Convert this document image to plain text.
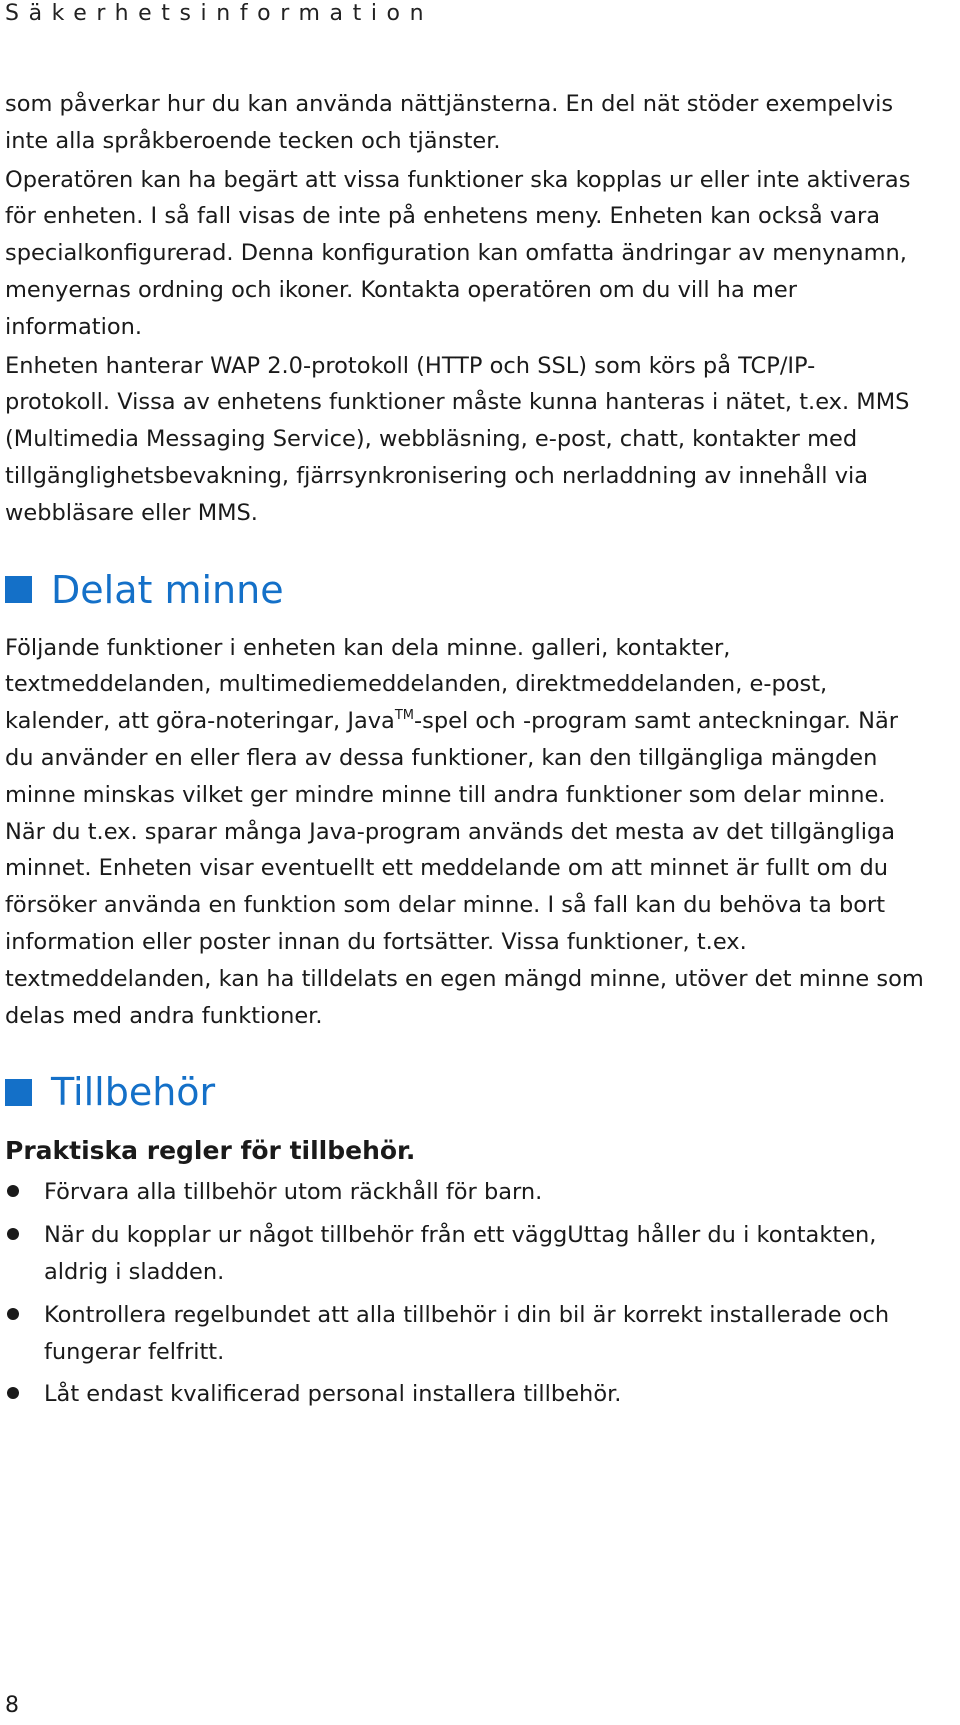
Säkerhetsinformation
som påverkar hur du kan använda nättjänsterna. En del nät stöder exempelvis
inte alla språkberoende tecken och tjänster.
Operatören kan ha begärt att vissa funktioner ska kopplas ur eller inte aktiveras
för enheten. I så fall visas de inte på enhetens meny. Enheten kan också vara
specialkonfigurerad. Denna konfiguration kan omfatta ändringar av menynamn,
menyernas ordning och ikoner. Kontakta operatören om du vill ha mer
information.
Enheten hanterar WAP 2.0-protokoll (HTTP och SSL) som körs på TCP/IP-
protokoll. Vissa av enhetens funktioner måste kunna hanteras i nätet, t.ex. MMS
(Multimedia Messaging Service), webbläsning, e-post, chatt, kontakter med
tillgänglighetsbevakning, fjärrsynkronisering och nerladdning av innehåll via
webbläsare eller MMS.
Delat minne
Följande funktioner i enheten kan dela minne. galleri, kontakter,
textmeddelanden, multimediemeddelanden, direktmeddelanden, e-post,
kalender, att göra-noteringar, Java™-spel och -program samt anteckningar. När
du använder en eller flera av dessa funktioner, kan den tillgängliga mängden
minne minskas vilket ger mindre minne till andra funktioner som delar minne.
När du t.ex. sparar många Java-program används det mesta av det tillgängliga
minnet. Enheten visar eventuellt ett meddelande om att minnet är fullt om du
försöker använda en funktion som delar minne. I så fall kan du behöva ta bort
information eller poster innan du fortsätter. Vissa funktioner, t.ex.
textmeddelanden, kan ha tilldelats en egen mängd minne, utöver det minne som
delas med andra funktioner.
Tillbehör
Praktiska regler för tillbehör.
Förvara alla tillbehör utom räckhåll för barn.
När du kopplar ur något tillbehör från ett väggUttag håller du i kontakten,
aldrig i sladden.
Kontrollera regelbundet att alla tillbehör i din bil är korrekt installerade och
fungerar felfritt.
Låt endast kvalificerad personal installera tillbehör.
8
